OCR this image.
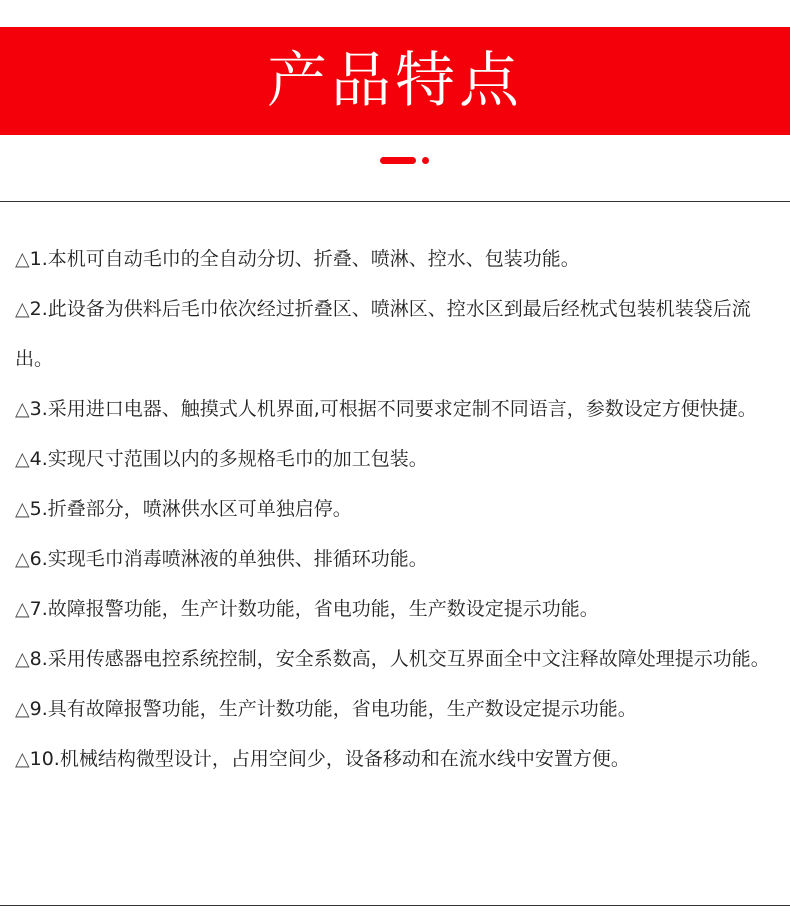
产品特点
△1.本机可自动毛巾的全自动分切、折叠、喷淋、控水、包装功能。
△2.此设备为供料后毛巾依次经过折叠区、喷淋区、控水区到最后经枕式包装机装袋后流出。
△3.采用进口电器、触摸式人机界面,可根据不同要求定制不同语言，参数设定方便快捷。
△4.实现尺寸范围以内的多规格毛巾的加工包装。
△5.折叠部分，喷淋供水区可单独启停。
△6.实现毛巾消毒喷淋液的单独供、排循环功能。
△7.故障报警功能，生产计数功能，省电功能，生产数设定提示功能。
△8.采用传感器电控系统控制，安全系数高，人机交互界面全中文注释故障处理提示功能。
△9.具有故障报警功能，生产计数功能，省电功能，生产数设定提示功能。
△10.机械结构微型设计，占用空间少，设备移动和在流水线中安置方便。
